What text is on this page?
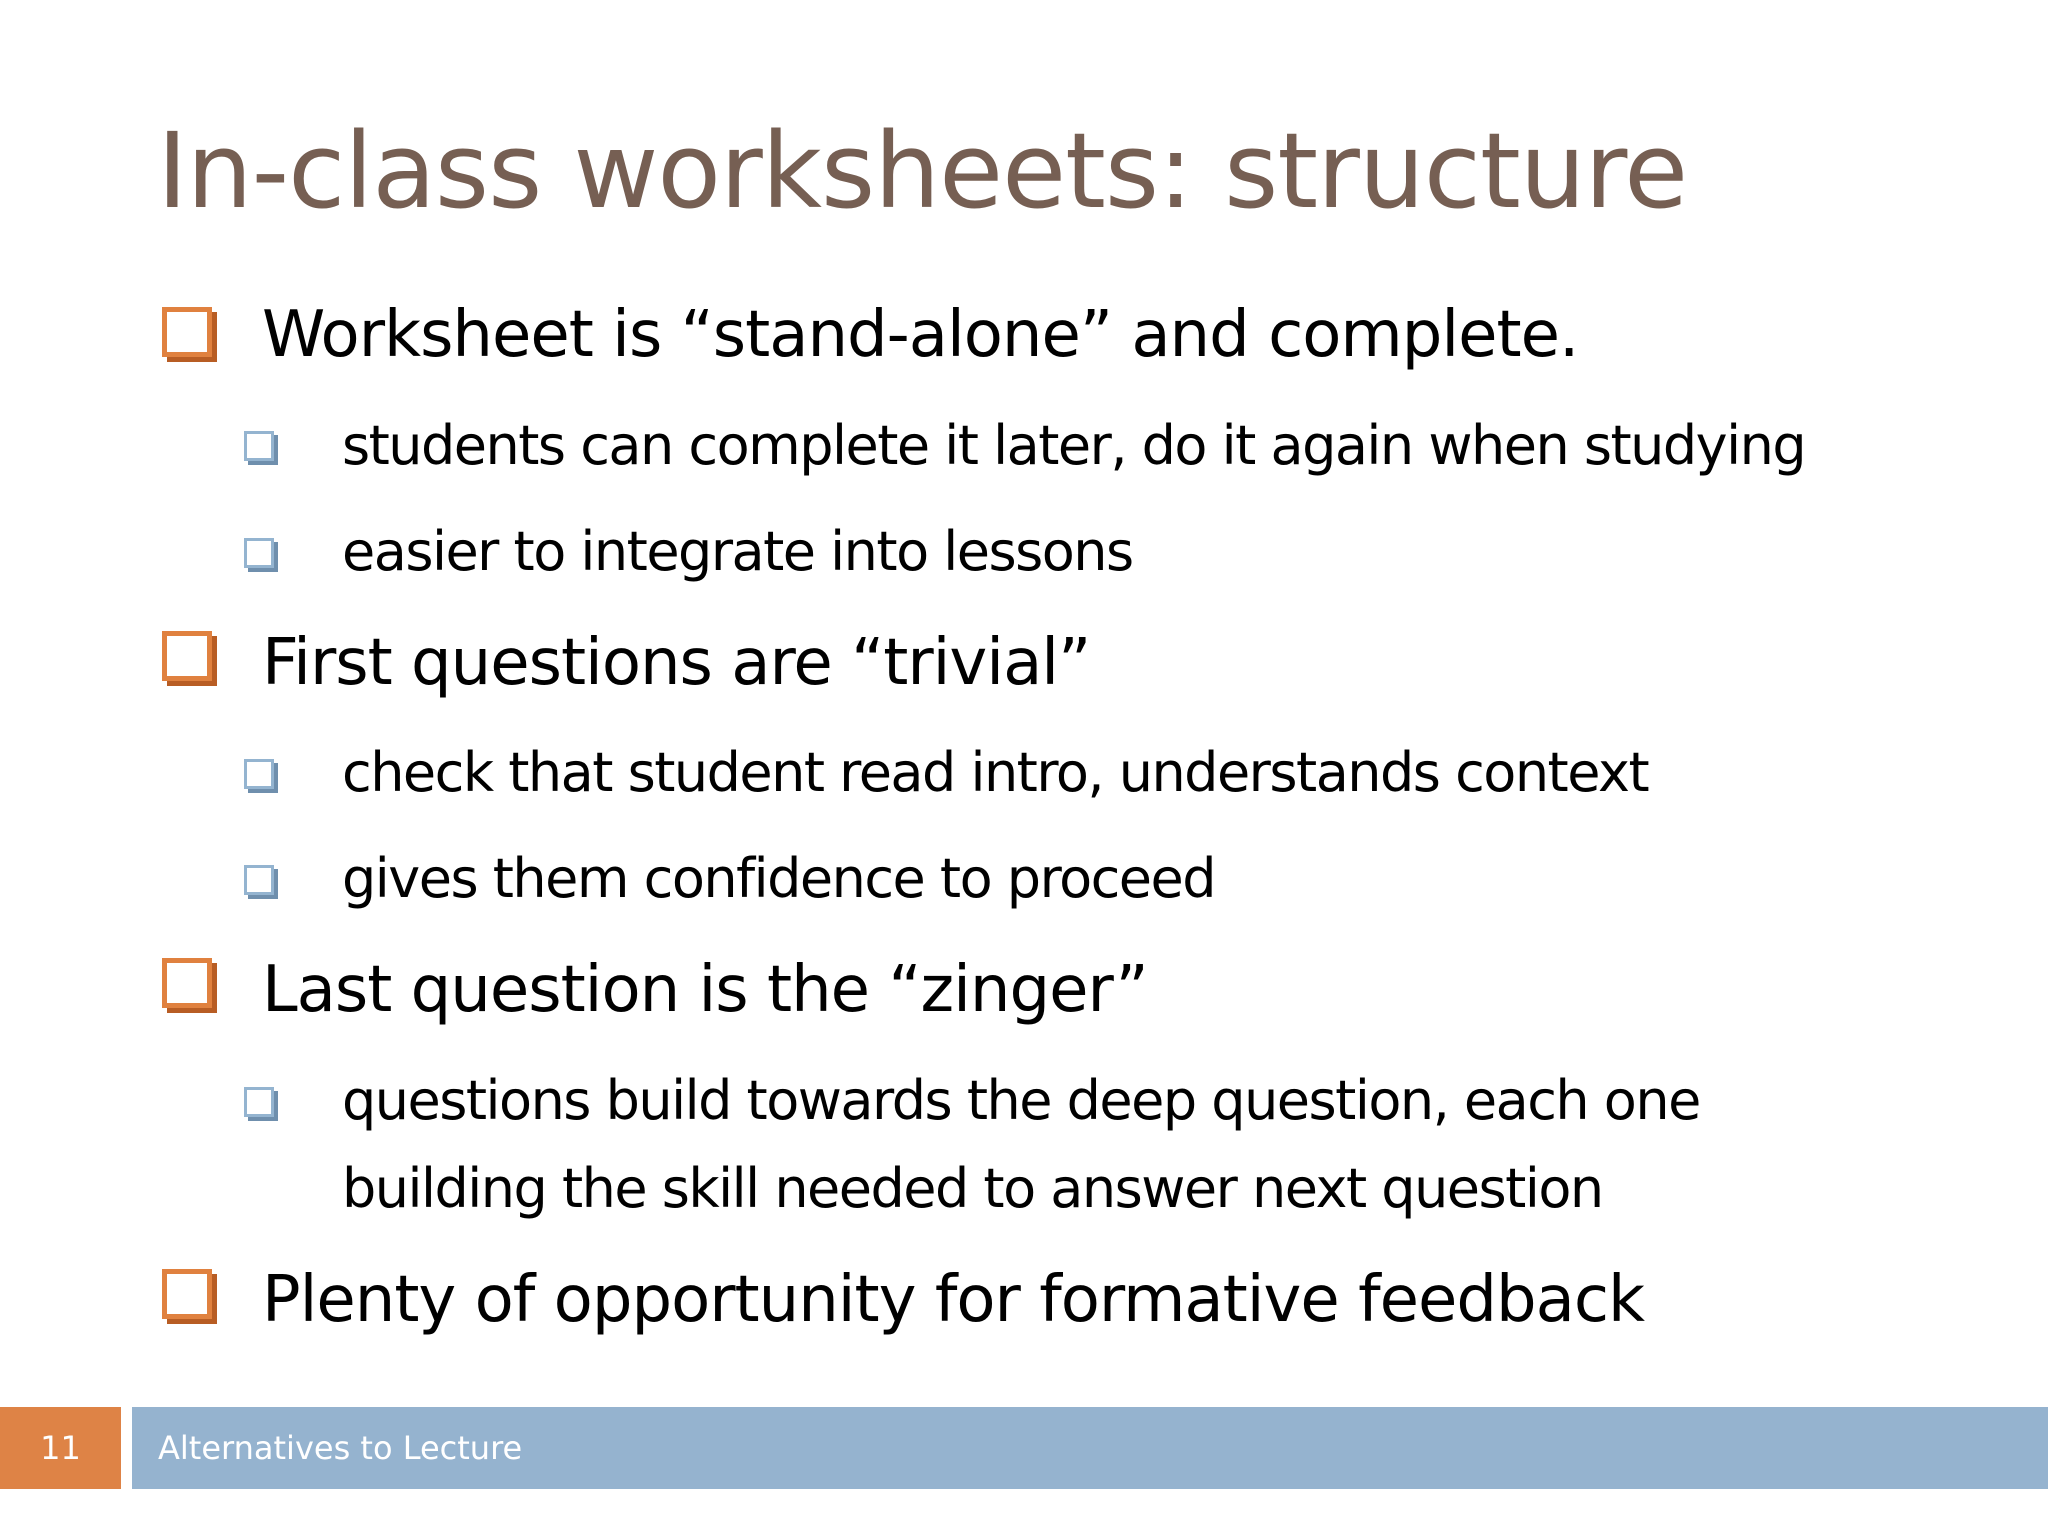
In-class worksheets: structure
Worksheet is “stand-alone” and complete.
students can complete it later, do it again when studying
easier to integrate into lessons
First questions are “trivial”
check that student read intro, understands context
gives them confidence to proceed
Last question is the “zinger”
questions build towards the deep question, each one
building the skill needed to answer next question
Plenty of opportunity for formative feedback
11	Alternatives to Lecture
